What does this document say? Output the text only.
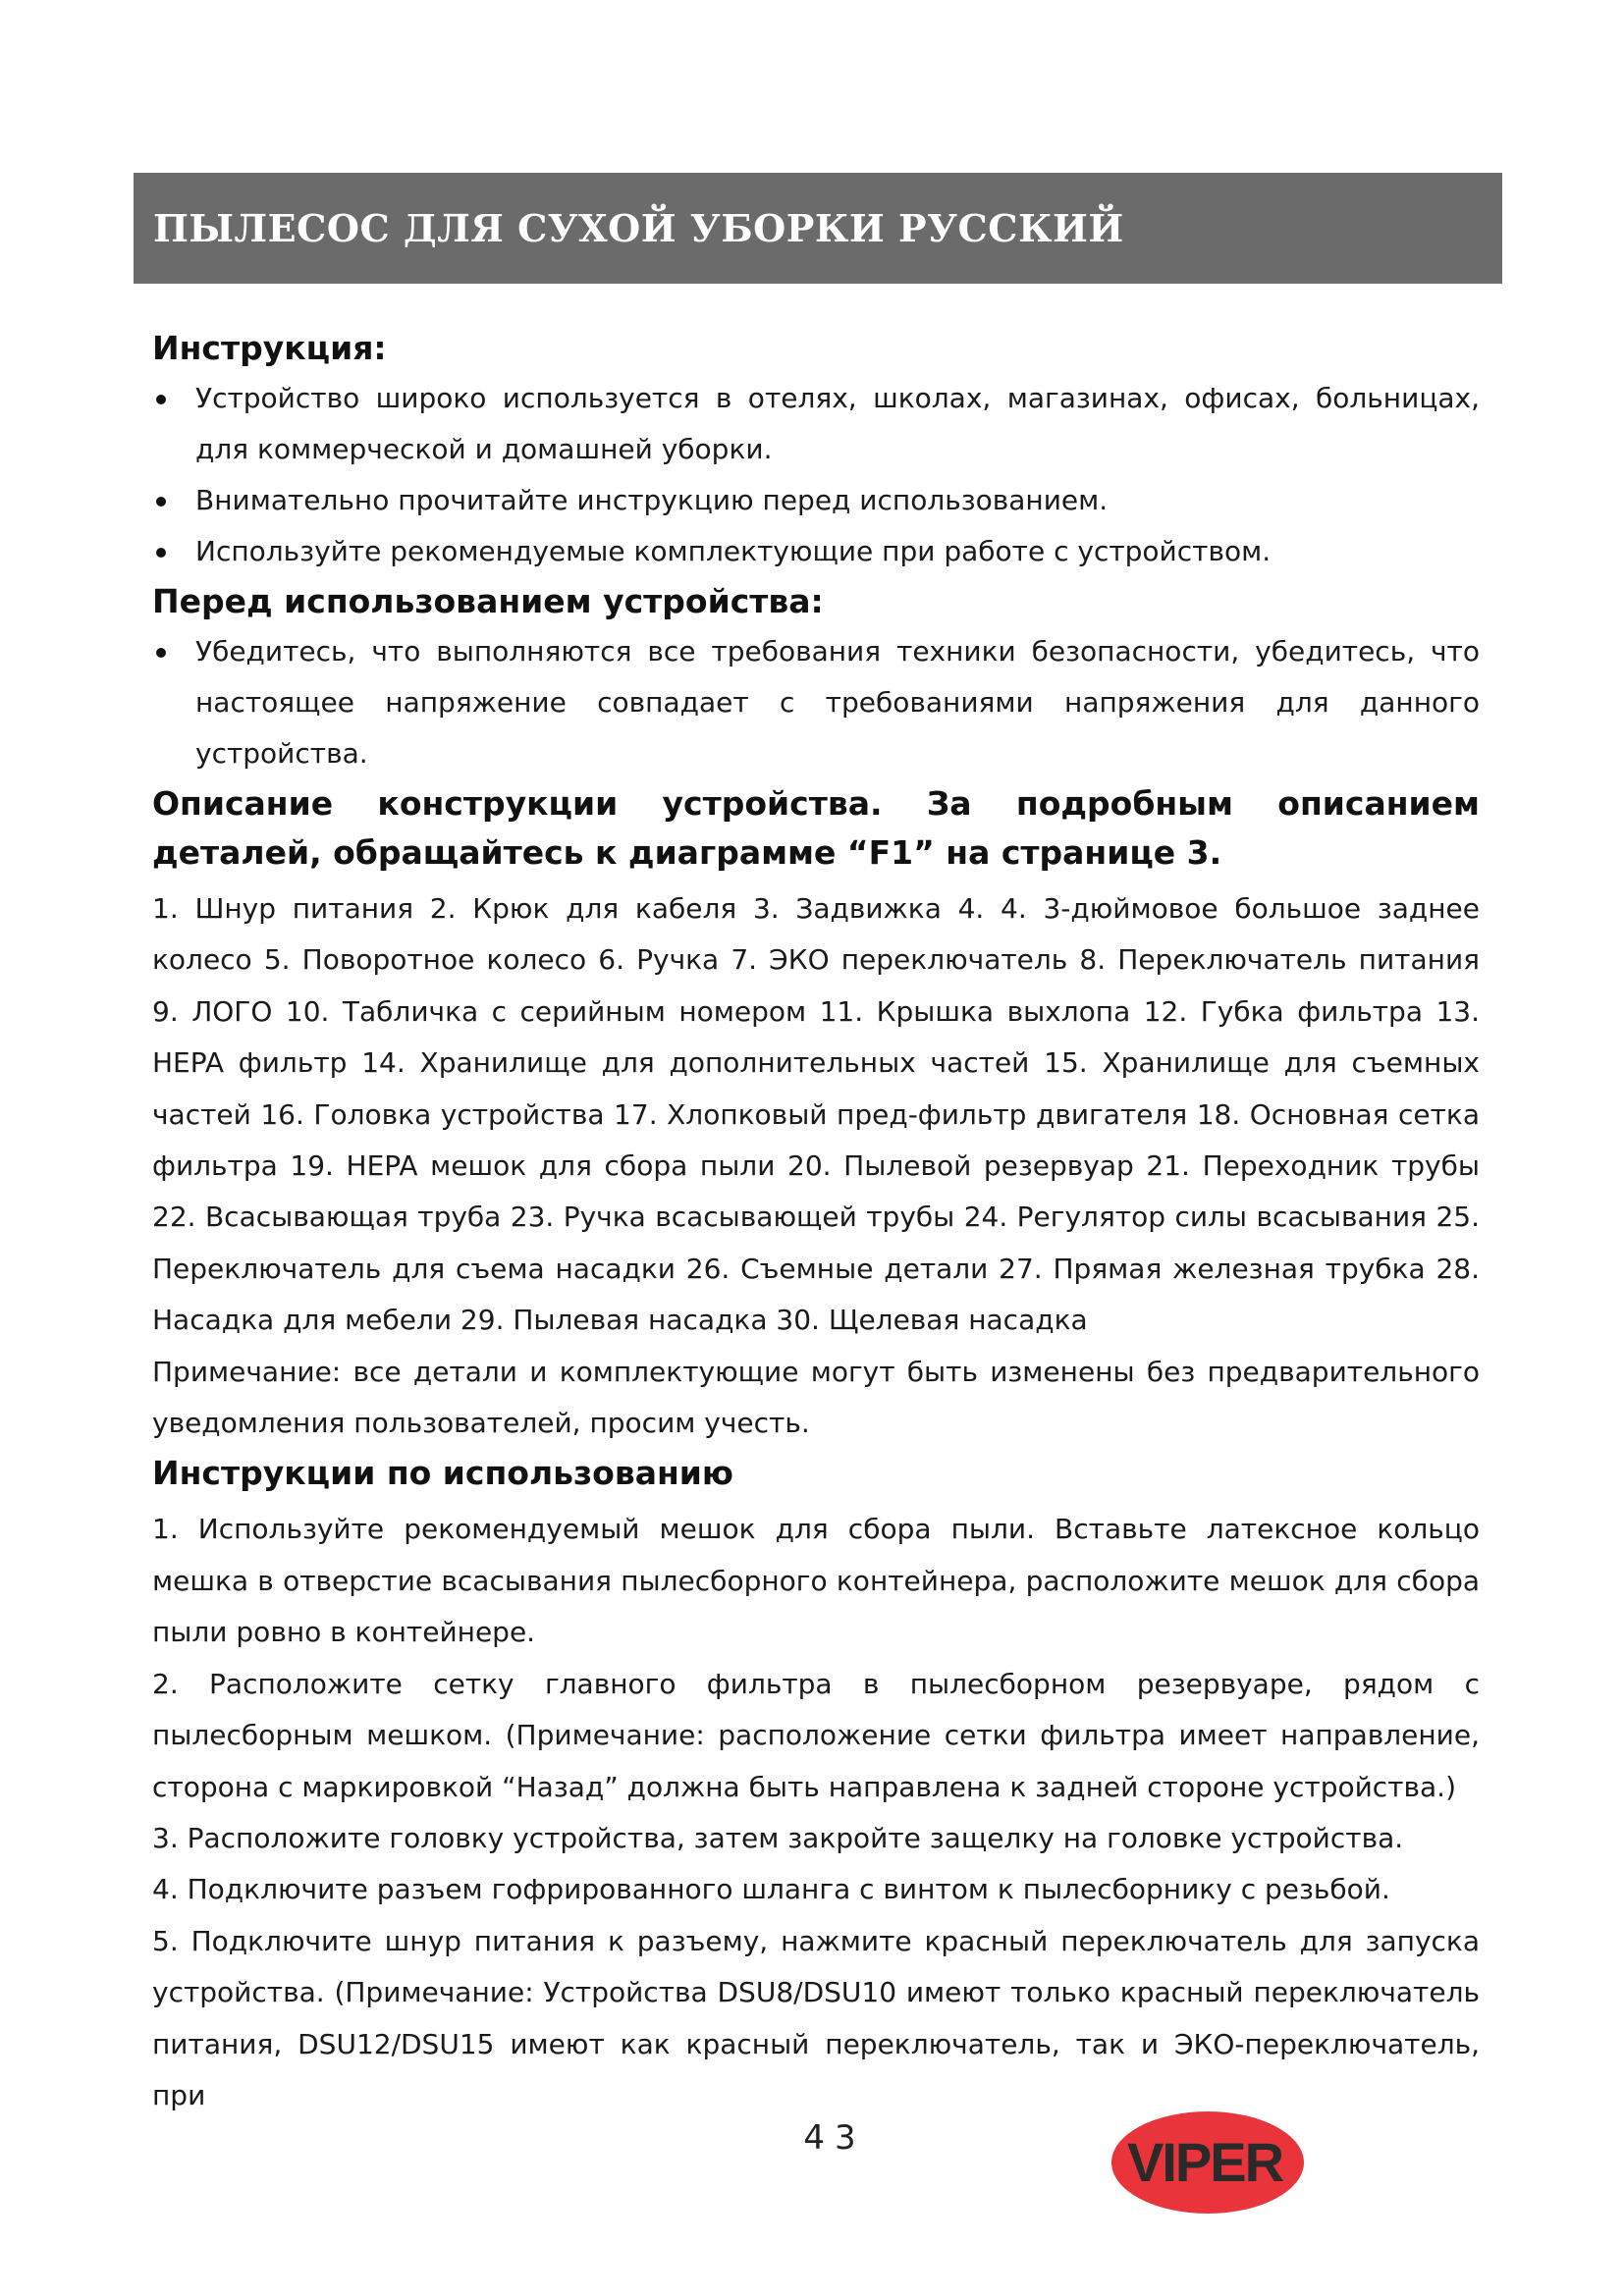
ПЫЛЕСОС ДЛЯ СУХОЙ УБОРКИ РУССКИЙ
Инструкция:
Устройство широко используется в отелях, школах, магазинах, офисах, больницах, для коммерческой и домашней уборки.
Внимательно прочитайте инструкцию перед использованием.
Используйте рекомендуемые комплектующие при работе с устройством.
Перед использованием устройства:
Убедитесь, что выполняются все требования техники безопасности, убедитесь, что настоящее напряжение совпадает с требованиями напряжения для данного устройства.
Описание конструкции устройства. За подробным описанием деталей, обращайтесь к диаграмме “F1” на странице 3.

1. Шнур питания 2. Крюк для кабеля 3. Задвижка 4. 4. 3-дюймовое большое заднее колесо 5. Поворотное колесо 6. Ручка 7. ЭКО переключатель 8. Переключатель питания 9. ЛОГО 10. Табличка с серийным номером 11. Крышка выхлопа 12. Губка фильтра 13. HEPA фильтр 14. Хранилище для дополнительных частей 15. Хранилище для съемных частей 16. Головка устройства 17. Хлопковый пред-фильтр двигателя 18. Основная сетка фильтра 19. HEPA мешок для сбора пыли 20. Пылевой резервуар 21. Переходник трубы 22. Всасывающая труба 23. Ручка всасывающей трубы 24. Регулятор силы всасывания 25. Переключатель для съема насадки 26. Съемные детали 27. Прямая железная трубка 28. Насадка для мебели 29. Пылевая насадка 30. Щелевая насадка

Примечание: все детали и комплектующие могут быть изменены без предварительного уведомления пользователей, просим учесть.

Инструкции по использованию

1. Используйте рекомендуемый мешок для сбора пыли. Вставьте латексное кольцо мешка в отверстие всасывания пылесборного контейнера, расположите мешок для сбора пыли ровно в контейнере.

2. Расположите сетку главного фильтра в пылесборном резервуаре, рядом с пылесборным мешком. (Примечание: расположение сетки фильтра имеет направление, сторона с маркировкой “Назад” должна быть направлена к задней стороне устройства.)

3. Расположите головку устройства, затем закройте защелку на головке устройства.

4. Подключите разъем гофрированного шланга с винтом к пылесборнику с резьбой.

5. Подключите шнур питания к разъему, нажмите красный переключатель для запуска устройства. (Примечание: Устройства DSU8/DSU10 имеют только красный переключатель питания, DSU12/DSU15 имеют как красный переключатель, так и ЭКО-переключатель, при

43	VIPER
